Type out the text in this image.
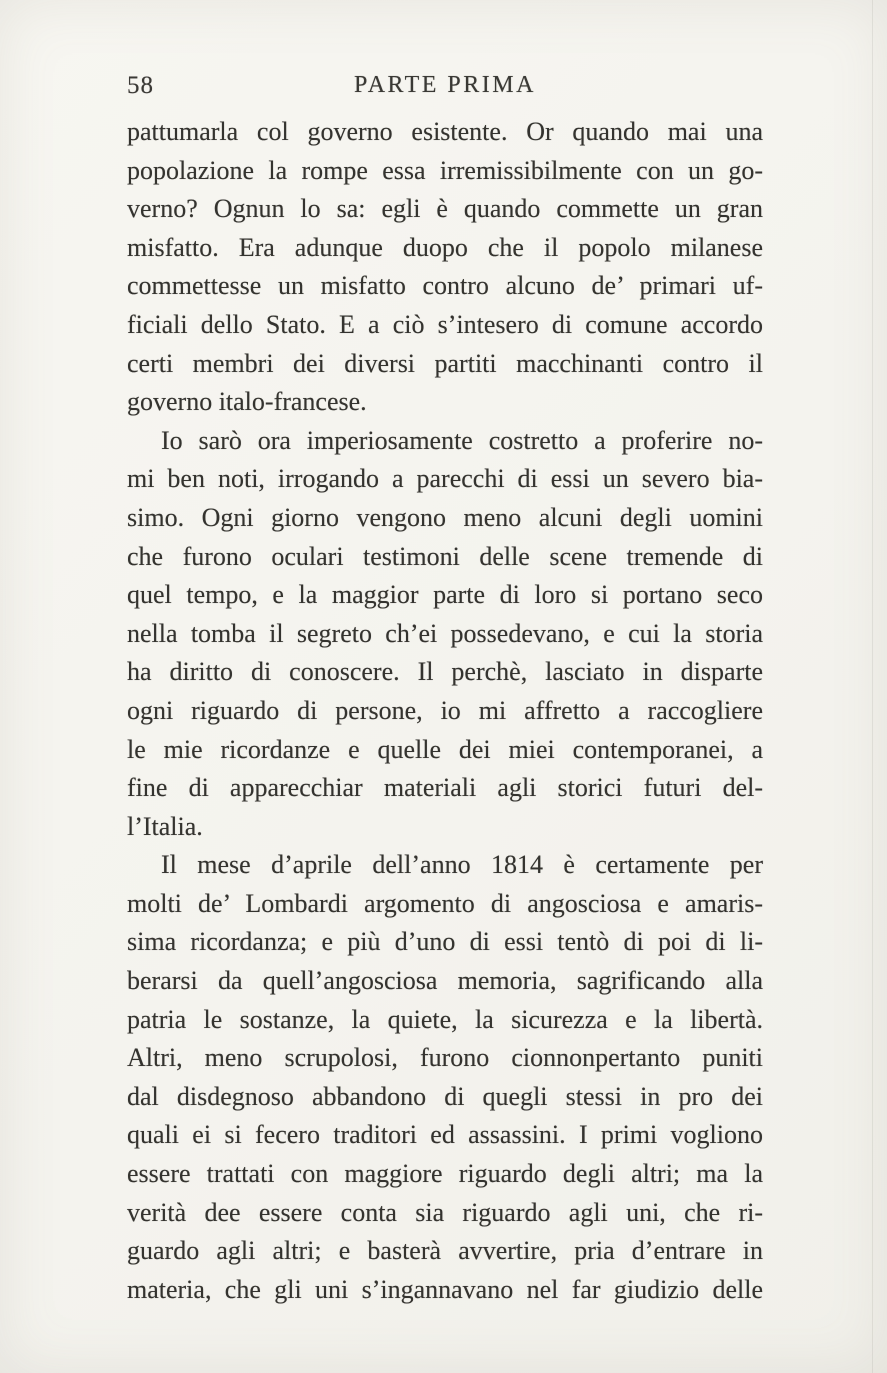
58	PARTE PRIMA
pattumarla col governo esistente. Or quando mai una
popolazione la rompe essa irremissibilmente con un go-
verno? Ognun lo sa: egli è quando commette un gran
misfatto. Era adunque duopo che il popolo milanese
commettesse un misfatto contro alcuno de’ primari uf-
ficiali dello Stato. E a ciò s’intesero di comune accordo
certi membri dei diversi partiti macchinanti contro il
governo italo-francese.
Io sarò ora imperiosamente costretto a proferire no-
mi ben noti, irrogando a parecchi di essi un severo bia-
simo. Ogni giorno vengono meno alcuni degli uomini
che furono oculari testimoni delle scene tremende di
quel tempo, e la maggior parte di loro si portano seco
nella tomba il segreto ch’ei possedevano, e cui la storia
ha diritto di conoscere. Il perchè, lasciato in disparte
ogni riguardo di persone, io mi affretto a raccogliere
le mie ricordanze e quelle dei miei contemporanei, a
fine di apparecchiar materiali agli storici futuri del-
l’Italia.
Il mese d’aprile dell’anno 1814 è certamente per
molti de’ Lombardi argomento di angosciosa e amaris-
sima ricordanza; e più d’uno di essi tentò di poi di li-
berarsi da quell’angosciosa memoria, sagrificando alla
patria le sostanze, la quiete, la sicurezza e la libertà.
Altri, meno scrupolosi, furono cionnonpertanto puniti
dal disdegnoso abbandono di quegli stessi in pro dei
quali ei si fecero traditori ed assassini. I primi vogliono
essere trattati con maggiore riguardo degli altri; ma la
verità dee essere conta sia riguardo agli uni, che ri-
guardo agli altri; e basterà avvertire, pria d’entrare in
materia, che gli uni s’ingannavano nel far giudizio delle
